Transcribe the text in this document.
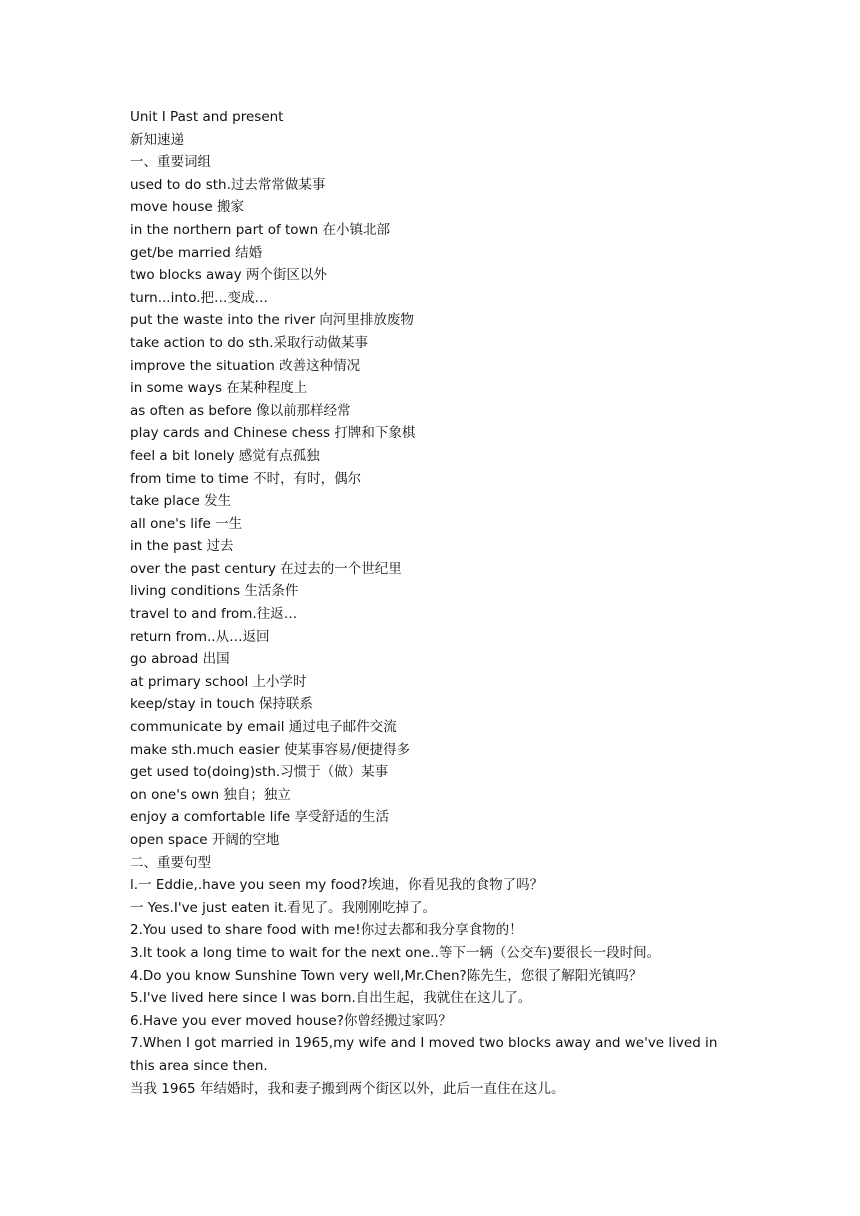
Unit I Past and present
新知速递
一、重要词组
used to do sth.过去常常做某事
move house 搬家
in the northern part of town 在小镇北部
get/be married 结婚
two blocks away 两个街区以外
turn...into.把…变成…
put the waste into the river 向河里排放废物
take action to do sth.采取行动做某事
improve the situation 改善这种情况
in some ways 在某种程度上
as often as before 像以前那样经常
play cards and Chinese chess 打牌和下象棋
feel a bit lonely 感觉有点孤独
from time to time 不时，有时，偶尔
take place 发生
all one's life 一生
in the past 过去
over the past century 在过去的一个世纪里
living conditions 生活条件
travel to and from.往返…
return from..从…返回
go abroad 出国
at primary school 上小学时
keep/stay in touch 保持联系
communicate by email 通过电子邮件交流
make sth.much easier 使某事容易/便捷得多
get used to(doing)sth.习惯于（做）某事
on one's own 独自；独立
enjoy a comfortable life 享受舒适的生活
open space 开阔的空地
二、重要句型
l.一 Eddie,.have you seen my food?埃迪，你看见我的食物了吗？
一 Yes.I've just eaten it.看见了。我刚刚吃掉了。
2.You used to share food with me!你过去都和我分享食物的！
3.It took a long time to wait for the next one..等下一辆（公交车)要很长一段时间。
4.Do you know Sunshine Town very well,Mr.Chen?陈先生，您很了解阳光镇吗？
5.I've lived here since I was born.自出生起，我就住在这儿了。
6.Have you ever moved house?你曾经搬过家吗？
7.When I got married in 1965,my wife and I moved two blocks away and we've lived in this area since then.
当我 1965 年结婚时，我和妻子搬到两个街区以外，此后一直住在这儿。
